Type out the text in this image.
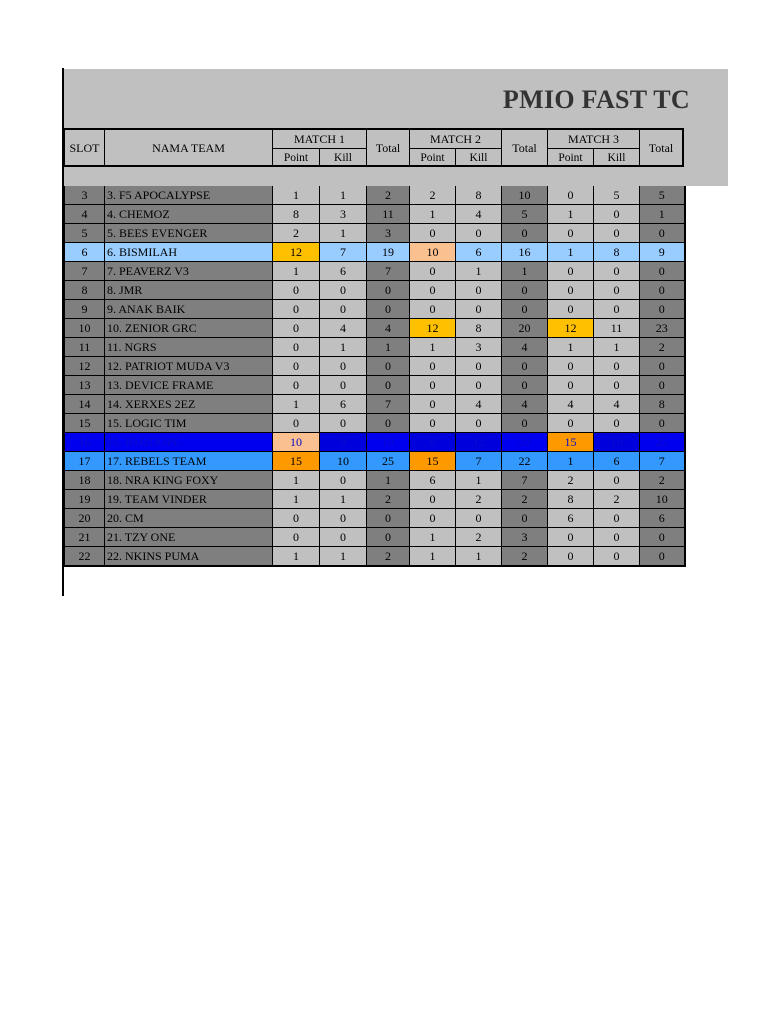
PMIO FAST TC
SLOT	NAMA TEAM
MATCH 1
Point	Kill
Total
MATCH 2
Point	Kill
Total
MATCH 3
Point	Kill
Total
3	3. F5 APOCALYPSE	1	1	2	2	8	10	0	5	5
4	4. CHEMOZ	8	3	11	1	4	5	1	0	1
5	5. BEES EVENGER	2	1	3	0	0	0	0	0	0
6	6. BISMILAH	12	7	19	10	6	16	1	8	9
7	7. PEAVERZ V3	1	6	7	0	1	1	0	0	0
8	8. JMR	0	0	0	0	0	0	0	0	0
9	9. ANAK BAIK	0	0	0	0	0	0	0	0	0
10	10. ZENIOR GRC	0	4	4	12	8	20	12	11	23
11	11. NGRS	0	1	1	1	3	4	1	1	2
12	12. PATRIOT MUDA V3	0	0	0	0	0	0	0	0	0
13	13. DEVICE FRAME	0	0	0	0	0	0	0	0	0
14	14. XERXES 2EZ	1	6	7	0	4	4	4	4	8
15	15. LOGIC TIM	0	0	0	0	0	0	0	0	0
16	16. BMzDOPE	10	9	19	8	12	20	15	10	25
17	17. REBELS TEAM	15	10	25	15	7	22	1	6	7
18	18. NRA KING FOXY	1	0	1	6	1	7	2	0	2
19	19. TEAM VINDER	1	1	2	0	2	2	8	2	10
20	20. CM	0	0	0	0	0	0	6	0	6
21	21. TZY ONE	0	0	0	1	2	3	0	0	0
22	22. NKINS PUMA	1	1	2	1	1	2	0	0	0
